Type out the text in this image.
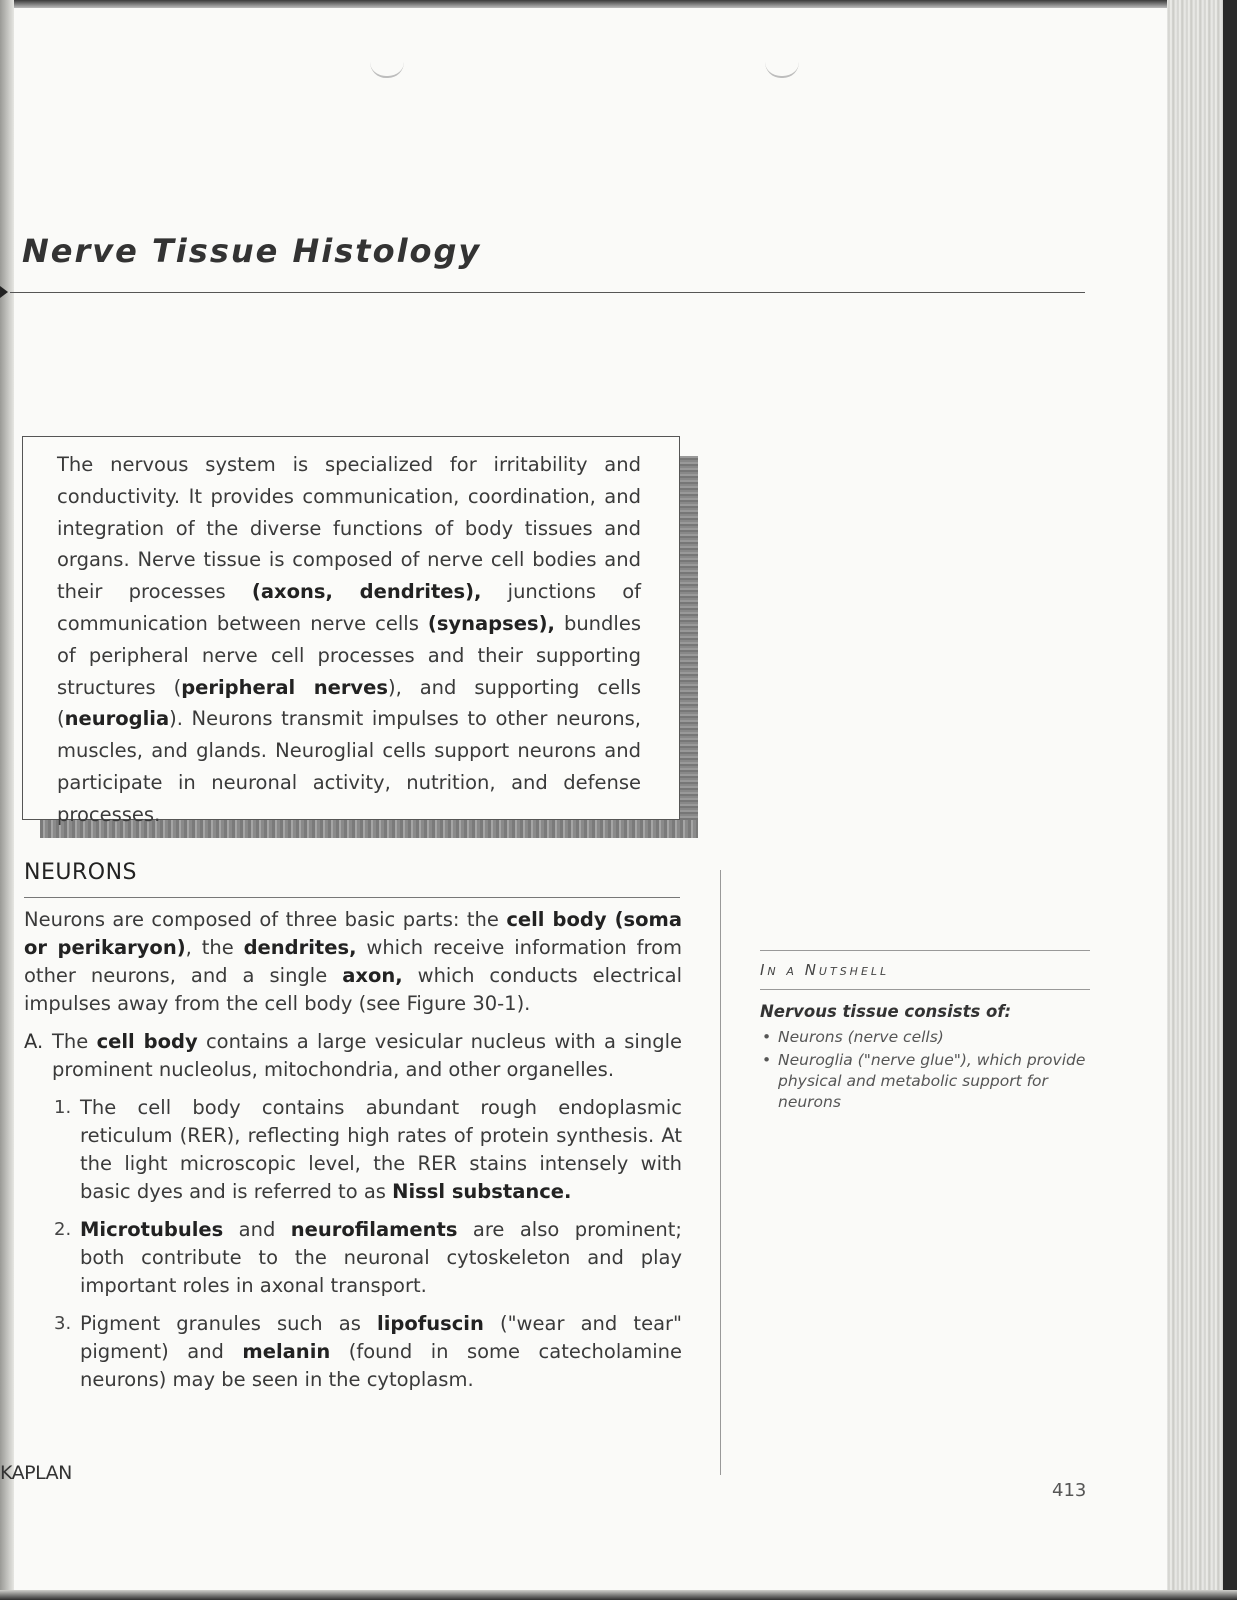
Nerve Tissue Histology

The nervous system is specialized for irritability and conductivity. It provides communication, coordination, and integration of the diverse functions of body tissues and organs. Nerve tissue is composed of nerve cell bodies and their processes (axons, dendrites), junctions of communication between nerve cells (synapses), bundles of peripheral nerve cell processes and their supporting structures (peripheral nerves), and supporting cells (neuroglia). Neurons transmit impulses to other neurons, muscles, and glands. Neuroglial cells support neurons and participate in neuronal activity, nutrition, and defense processes.

NEURONS

Neurons are composed of three basic parts: the cell body (soma or perikaryon), the dendrites, which receive information from other neurons, and a single axon, which conducts electrical impulses away from the cell body (see Figure 30-1).

A. The cell body contains a large vesicular nucleus with a single prominent nucleolus, mitochondria, and other organelles.

1. The cell body contains abundant rough endoplasmic reticulum (RER), reflecting high rates of protein synthesis. At the light microscopic level, the RER stains intensely with basic dyes and is referred to as Nissl substance.

2. Microtubules and neurofilaments are also prominent; both contribute to the neuronal cytoskeleton and play important roles in axonal transport.

3. Pigment granules such as lipofuscin ("wear and tear" pigment) and melanin (found in some catecholamine neurons) may be seen in the cytoplasm.

In a Nutshell
Nervous tissue consists of:
• Neurons (nerve cells)
• Neuroglia ("nerve glue"), which provide physical and metabolic support for neurons
KAPLAN
413
